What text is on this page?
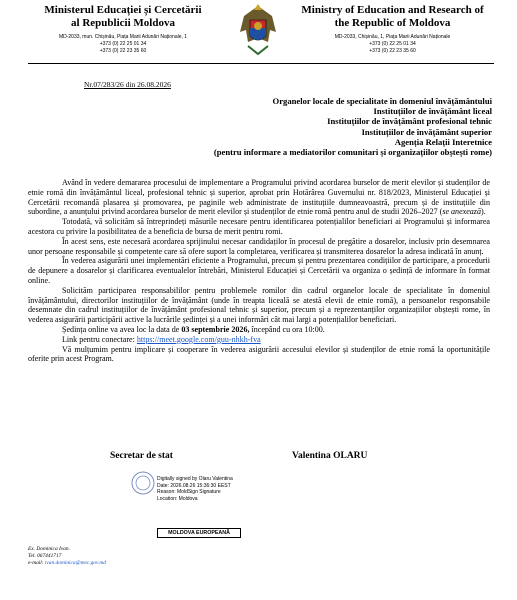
Ministerul Educației și Cercetării
al Republicii Moldova
MD-2033, mun. Chișinău, Piața Marii Adunări Naționale, 1
+373 (0) 22 25 01 34
+373 (0) 22 23 35 60
Ministry of Education and Research of
the Republic of Moldova
MD-2033, Chișinău, 1, Piața Marii Adunări Naționale
+373 (0) 22 25 01 34
+373 (0) 22 23 35 60
Nr.07/283/26 din 26.08.2026
Organelor locale de specialitate în domeniul învățământului
Instituțiilor de învățământ liceal
Instituțiilor de învățământ profesional tehnic
Instituțiilor de învățământ superior
Agenția Relații Interetnice
(pentru informare a mediatorilor comunitari și organizațiilor obștești rome)

Având în vedere demararea procesului de implementare a Programului privind acordarea burselor de merit elevilor și studenților de etnie romă din învățământul liceal, profesional tehnic și superior, aprobat prin Hotărârea Guvernului nr. 818/2023, Ministerul Educației și Cercetării recomandă plasarea și promovarea, pe paginile web administrate de instituțiile dumneavoastră, precum și de instituțiile din subordine, a anunțului privind acordarea burselor de merit elevilor și studenților de etnie romă pentru anul de studii 2026–2027 (se anexează).

Totodată, vă solicităm să întreprindeți măsurile necesare pentru identificarea potențialilor beneficiari ai Programului și informarea acestora cu privire la posibilitatea de a beneficia de bursa de merit pentru romi.

În acest sens, este necesară acordarea sprijinului necesar candidaților în procesul de pregătire a dosarelor, inclusiv prin desemnarea unor persoane responsabile și competente care să ofere suport la completarea, verificarea și transmiterea dosarelor la adresa indicată în anunț.

În vederea asigurării unei implementări eficiente a Programului, precum și pentru prezentarea condițiilor de participare, a procedurii de depunere a dosarelor și clarificarea eventualelor întrebări, Ministerul Educației și Cercetării va organiza o ședință de informare în format online.

Solicităm participarea responsabililor pentru problemele romilor din cadrul organelor locale de specialitate în domeniul învățământului, directorilor instituțiilor de învățământ (unde în treapta liceală se atestă elevii de etnie romă), a persoanelor responsabile desemnate din cadrul instituțiilor de învățământ profesional tehnic și superior, precum și a reprezentanților organizațiilor obștești rome, în vederea asigurării participării active la lucrările ședinței și a unei informări cât mai largi a potențialilor beneficiari.

Ședința online va avea loc la data de 03 septembrie 2026, începând cu ora 10:00.

Link pentru conectare: https://meet.google.com/guu-nhkh-fva

Vă mulțumim pentru implicare și cooperare în vederea asigurării accesului elevilor și studenților de etnie romă la oportunitățile oferite prin acest Program.

Secretar de stat	Valentina OLARU
Digitally signed by Olaru Valentina
Date: 2026.08.26 15:36:30 EEST
Reason: MoldSign Signature
Location: Moldova
MOLDOVA EUROPEANĂ
Ex. Dominica Ivan.
Tel. 067441717
e-mail: ivan.dominica@mec.gov.md
